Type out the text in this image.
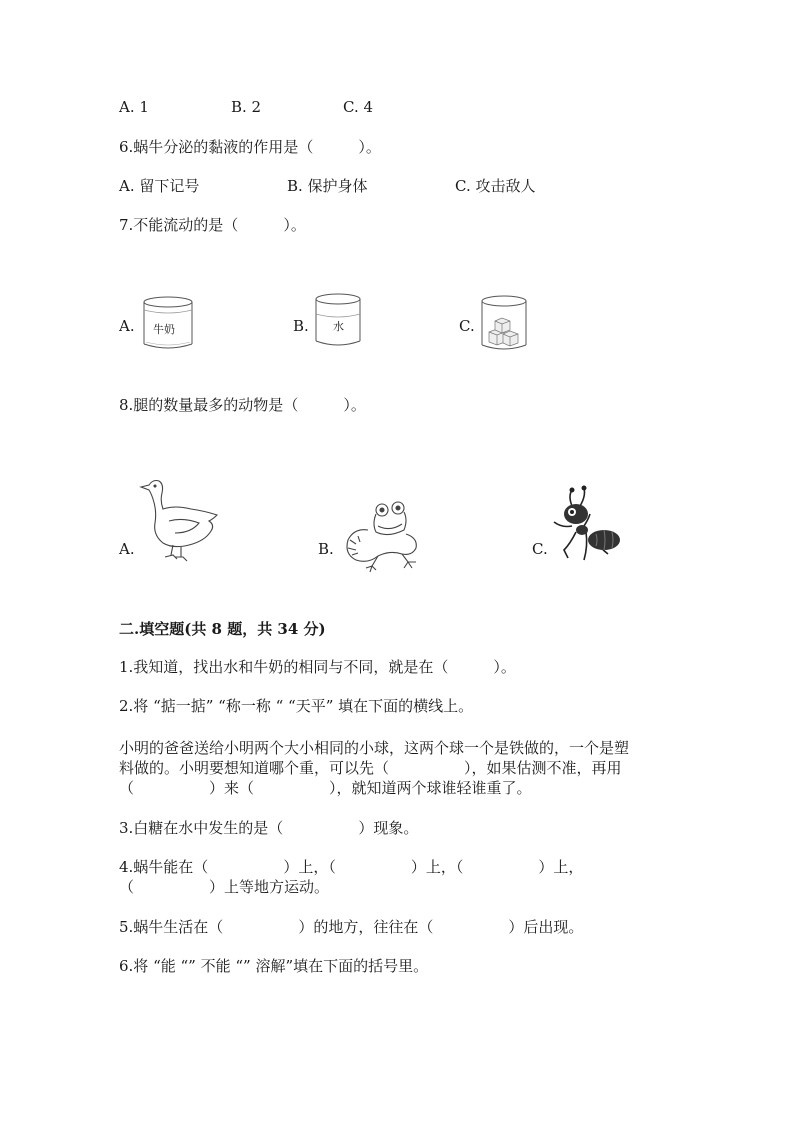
A. 1	B. 2	C. 4
6.蜗牛分泌的黏液的作用是（　　　）。
A. 留下记号	B. 保护身体	C. 攻击敌人
7.不能流动的是（　　　）。
A.	B.	C.
牛奶	水
8.腿的数量最多的动物是（　　　）。
A.	B.	C.
二.填空题(共 8 题，共 34 分)
1.我知道，找出水和牛奶的相同与不同，就是在（　　　）。
2.将 “掂一掂” “称一称 “ “天平” 填在下面的横线上。
小明的爸爸送给小明两个大小相同的小球，这两个球一个是铁做的，一个是塑
料做的。小明要想知道哪个重，可以先（　　　　　），如果估测不准，再用
（　　　　　）来（　　　　　），就知道两个球谁轻谁重了。
3.白糖在水中发生的是（　　　　　）现象。
4.蜗牛能在（　　　　　）上，（　　　　　）上，（　　　　　）上，
（　　　　　）上等地方运动。
5.蜗牛生活在（　　　　　）的地方，往往在（　　　　　）后出现。
6.将 “能 “” 不能 “” 溶解”填在下面的括号里。
